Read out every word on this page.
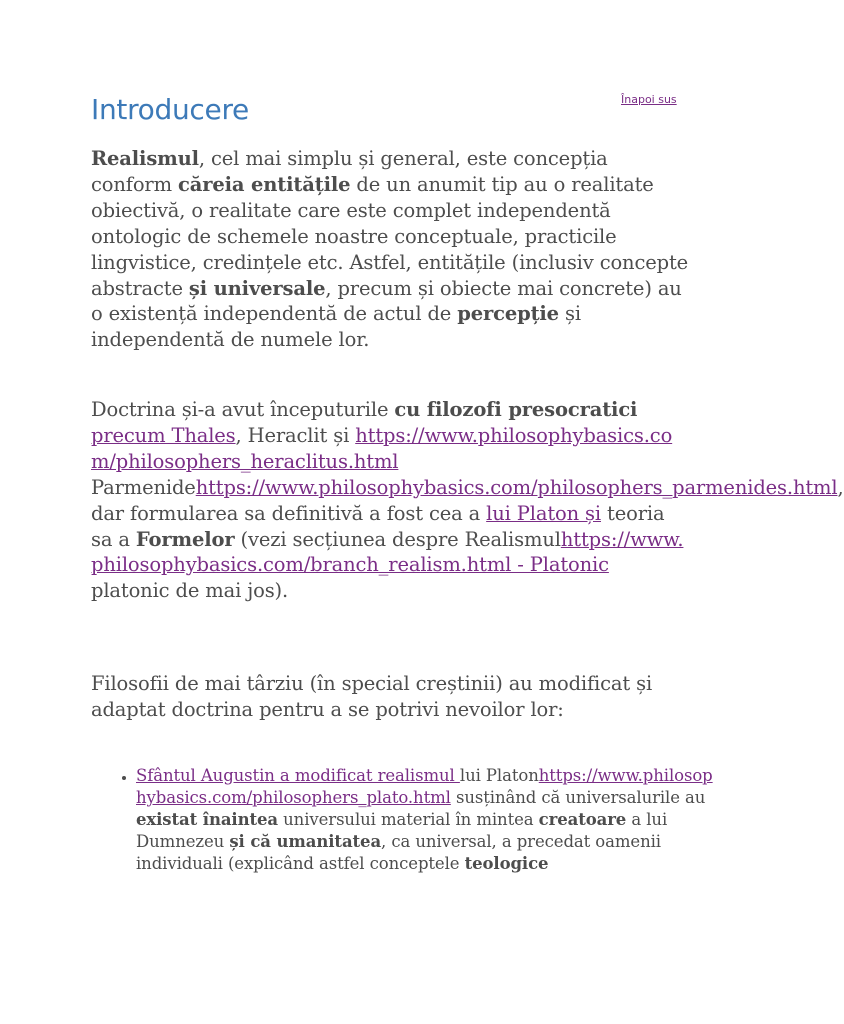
Înapoi sus
Introducere

Realismul, cel mai simplu și general, este concepția conform căreia entitățile de un anumit tip au o realitate obiectivă, o realitate care este complet independentă ontologic de schemele noastre conceptuale, practicile lingvistice, credințele etc. Astfel, entitățile (inclusiv concepte abstracte și universale, precum și obiecte mai concrete) au o existență independentă de actul de percepție și independentă de numele lor.

Doctrina și-a avut începuturile cu filozofi presocratici precum Thales, Heraclit și https://www.philosophybasics.com/philosophers_heraclitus.htmlParmenidehttps://www.philosophybasics.com/philosophers_parmenides.html, dar formularea sa definitivă a fost cea a lui Platon și teoria sa a Formelor (vezi secțiunea despre Realismulhttps://www.philosophybasics.com/branch_realism.html - Platonic platonic de mai jos).

Filosofii de mai târziu (în special creștinii) au modificat și adaptat doctrina pentru a se potrivi nevoilor lor:

• Sfântul Augustin a modificat realismul lui Platonhttps://www.philosophybasics.com/philosophers_plato.html susținând că universalurile au existat înaintea universului material în mintea creatoare a lui Dumnezeu și că umanitatea, ca universal, a precedat oamenii individuali (explicând astfel conceptele teologice
